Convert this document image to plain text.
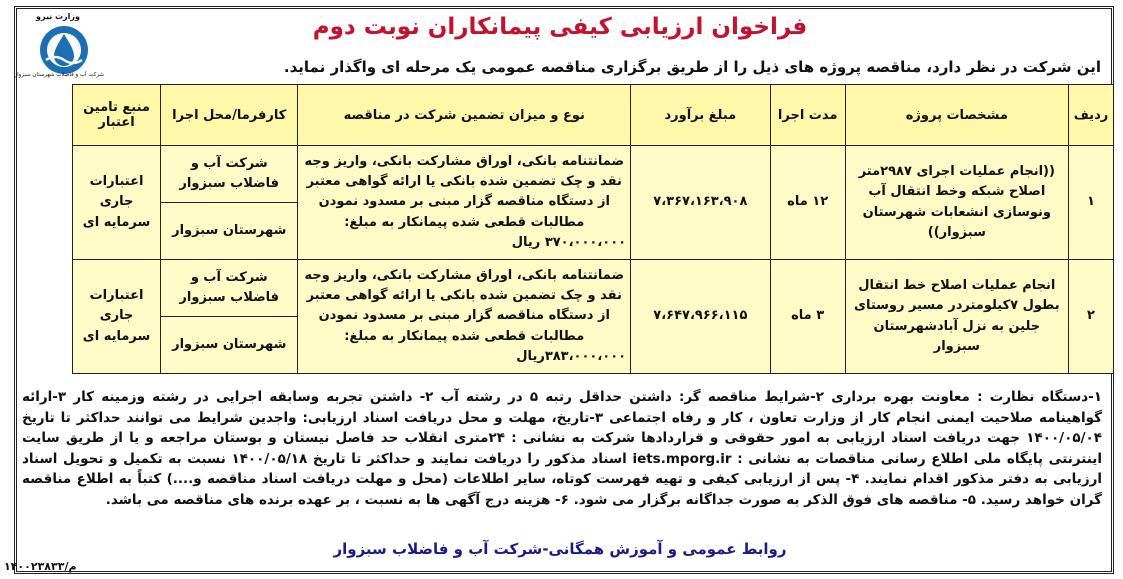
وزارت نیرو
شرکت آب و فاضلاب شهرستان سبزوار
فراخوان ارزیابی کیفی پیمانکاران نوبت دوم
این شرکت در نظر دارد، مناقصه پروژه های ذیل را از طریق برگزاری مناقصه عمومی یک مرحله ای واگذار نماید.
ردیف	مشخصات پروژه	مدت اجرا	مبلغ برآورد	نوع و میزان تضمین شرکت در مناقصه	کارفرما/محل اجرا	منبع تامین اعتبار
۱	((انجام عملیات اجرای ۲۹۸۷متر اصلاح شبکه وخط انتقال آب ونوسازی انشعابات شهرستان سبزوار))	۱۲ ماه	۷،۳۶۷،۱۶۳،۹۰۸	ضمانتنامه بانکی، اوراق مشارکت بانکی، واریز وجه نقد و چک تضمین شده بانکی یا ارائه گواهی معتبر از دستگاه مناقصه گزار مبنی بر مسدود نمودن مطالبات قطعی شده پیمانکار به مبلغ: ۳۷۰،۰۰۰،۰۰۰ ریال	شرکت آب و فاضلاب سبزوار	اعتبارات جاری سرمایه ای
					شهرستان سبزوار	
۲	انجام عملیات اصلاح خط انتقال بطول ۷کیلومتردر مسیر روستای جلین به نزل آبادشهرستان سبزوار	۳ ماه	۷،۶۴۷،۹۶۶،۱۱۵	ضمانتنامه بانکی، اوراق مشارکت بانکی، واریز وجه نقد و چک تضمین شده بانکی یا ارائه گواهی معتبر از دستگاه مناقصه گزار مبنی بر مسدود نمودن مطالبات قطعی شده پیمانکار به مبلغ: ۳۸۳،۰۰۰،۰۰۰ریال	شرکت آب و فاضلاب سبزوار	اعتبارات جاری سرمایه ای
					شهرستان سبزوار	
۱-دستگاه نظارت : معاونت بهره برداری ۲-شرایط مناقصه گر: داشتن حداقل رتبه ۵ در رشته آب ۲- داشتن تجربه وسابقه اجرایی در رشته وزمینه کار ۳-ارائه گواهینامه صلاحیت ایمنی انجام کار از وزارت تعاون ، کار و رفاه اجتماعی ۳-تاریخ، مهلت و محل دریافت اسناد ارزیابی: واجدین شرایط می توانند حداکثر تا تاریخ ۱۴۰۰/۰۵/۰۴ جهت دریافت اسناد ارزیابی به امور حقوقی و قراردادها شرکت به نشانی : ۲۴متری انقلاب حد فاصل نیستان و بوستان مراجعه و یا از طریق سایت اینترنتی پایگاه ملی اطلاع رسانی مناقصات به نشانی : iets.mporg.ir اسناد مذکور را دریافت نمایند و حداکثر تا تاریخ ۱۴۰۰/۰۵/۱۸ نسبت به تکمیل و تحویل اسناد ارزیابی به دفتر مذکور اقدام نمایند. ۴- پس از ارزیابی کیفی و تهیه فهرست کوتاه، سایر اطلاعات (محل و مهلت دریافت اسناد مناقصه و....) کتباً به اطلاع مناقصه گران خواهد رسید. ۵- مناقصه های فوق الذکر به صورت جداگانه برگزار می شود. ۶- هزینه درج آگهی ها به نسبت ، بر عهده برنده های مناقصه می باشد.
روابط عمومی و آموزش همگانی-شرکت آب و فاضلاب سبزوار
م/۱۴۰۰۲۳۸۳۳
